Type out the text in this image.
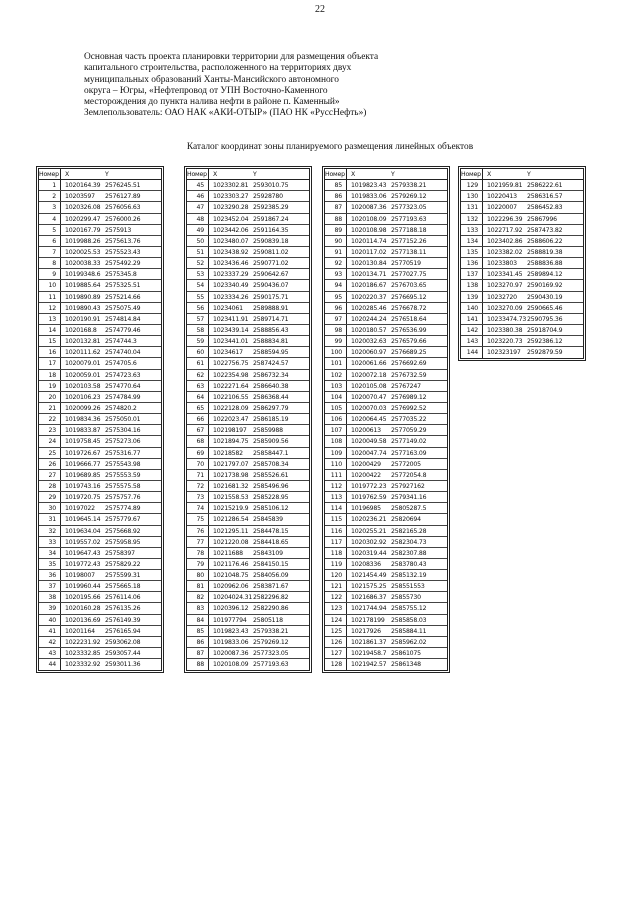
22
Основная часть проекта планировки территории для размещения объекта
капитального строительства, расположенного на территориях двух
муниципальных образований Ханты-Мансийского автономного
округа – Югры, «Нефтепровод от УПН Восточно-Каменного
месторождения до пункта налива нефти в районе п. Каменный»
Землепользователь: ОАО НАК «АКИ-ОТЫР» (ПАО НК «РуссНефть»)
Каталог координат зоны планируемого размещения линейных объектов
Номер X	Y
1	1020164.39 2576245.51
2	10203597	2576127.89
3	1020326.08 2576056.63
4	1020299.47 2576000.26
5	1020167.79 2575913
6	1019988.26 2575613.76
7	1020025.53 2575523.43
8	1020038.33 2575492.29
9	10199348.6 2575345.8
10	1019885.64 2575325.51
11	1019890.89 2575214.66
12	1019890.43 2575075.49
13	1020190.91 2574814.84
14	1020168.8	2574779.46
15	1020132.81 2574744.3
16	1020111.62 2574740.04
17	1020079.01 2574705.6
18	1020059.01 2574723.63
19	1020103.58 2574770.64
20	1020106.23 2574784.99
21	1020099.26 2574820.2
22	1019834.36 2575050.01
23	1019833.87 2575304.16
24	1019758.45 2575273.06
25	1019726.67 2575316.77
26	1019666.77 2575543.98
27	1019689.85 2575553.59
28	1019743.16 2575575.58
29	1019720.75 2575757.76
30	10197022	2575774.89
31	1019645.14 2575779.67
32	1019634.04 2575668.92
33	1019557.02 2575958.95
34	1019647.43 25758397
35	1019772.43 2575829.22
36	10198007	2575599.31
37	1019960.44 2575665.18
38	1020195.66 2576114.06
39	1020160.28 2576135.26
40	1020136.69 2576149.39
41	10201164	2576165.94
42	1022231.92 2593062.08
43	1023332.85 2593057.44
44	1023332.92 2593011.36
Номер X	Y
45	1023302.81 2593010.75
46	1023303.27 25928780
47	1023290.28 2592385.29
48	1023452.04 2591867.24
49	1023442.06 2591164.35
50	1023480.07 2590839.18
51	1023438.92 2590811.02
52	1023436.46 2590771.02
53	1023337.29 2590642.67
54	1023340.49 2590436.07
55	1023334.26 2590175.71
56	10234061	2589888.91
57	1023411.91 2589714.71
58	1023439.14 2588856.43
59	1023441.01 2588834.81
60	10234617	2588594.95
61	1022756.75 2587424.57
62	1022354.98 2586732.34
63	1022271.64 2586640.38
64	1022106.55 2586368.44
65	1022128.09 2586297.79
66	1022023.47 2586185.19
67	102198197	25859988
68	1021894.75 2585909.56
69	10218582	25858447.1
70	1021797.07 2585708.34
71	1021738.98 2585526.61
72	1021681.32 2585496.96
73	1021558.53 2585228.95
74	10215219.9 2585106.12
75	1021286.54 25845839
76	1021295.11 2584478.15
77	1021220.08 2584418.65
78	10211688	25843109
79	1021176.46 2584150.15
80	1021048.75 2584056.09
81	1020962.06 2583871.67
82	10204024.31 2582296.82
83	1020396.12 2582290.86
84	101977794	25805118
85	1019823.43 2579338.21
86	1019833.06 2579269.12
87	1020087.36 2577323.05
88	1020108.09 2577193.63
Номер X	Y
85	1019823.43 2579338.21
86	1019833.06 2579269.12
87	1020087.36 2577323.05
88	1020108.09 2577193.63
89	1020108.98 2577188.18
90	1020114.74 2577152.26
91	1020117.02 2577138.11
92	1020130.84 25770519
93	1020134.71 2577027.75
94	1020186.67 2576703.65
95	1020220.37 2576695.12
96	1020285.46 2576678.72
97	1020244.24 2576518.64
98	1020180.57 2576536.99
99	1020032.63 2576579.66
100	1020060.97 2576689.25
101	1020061.66 2576692.69
102	1020072.18 2576732.59
103	1020105.08 25767247
104	1020070.47 2576989.12
105	1020070.03 2576992.52
106	1020064.45 2577035.22
107	10200613	2577059.29
108	1020049.58 2577149.02
109	1020047.74 2577163.09
110	10200429	25772005
111	10200422	25772054.8
112	1019772.23 257927162
113	1019762.59 2579341.16
114	10196985	25805287.5
115	1020236.21 25820694
116	1020255.21 2582165.28
117	1020302.92 2582304.73
118	1020319.44 2582307.88
119	10208336	2583780.43
120	1021454.49 2585132.19
121	1021575.25 258551553
122	1021686.37 25855730
123	1021744.94 2585755.12
124	102178199	2585858.03
125	10217926	2585884.11
126	1021861.37 2585962.02
127	10219458.7 25861075
128	1021942.57 25861348
Номер X	Y
129	1021959.81 2586222.61
130	10220413	2586316.57
131	10220007	2586452.83
132	1022296.39 25867996
133	1022717.92 2587473.82
134	1023402.86 2588606.22
135	1023382.02 2588819.38
136	10233803	2588836.88
137	1023341.45 2589894.12
138	1023270.97 2590169.92
139	10232720	2590430.19
140	1023270.09 2590665.46
141	10233474.73 2590795.36
142	1023380.38 25918704.9
143	1023220.73 2592386.12
144	102323197	2592879.59
